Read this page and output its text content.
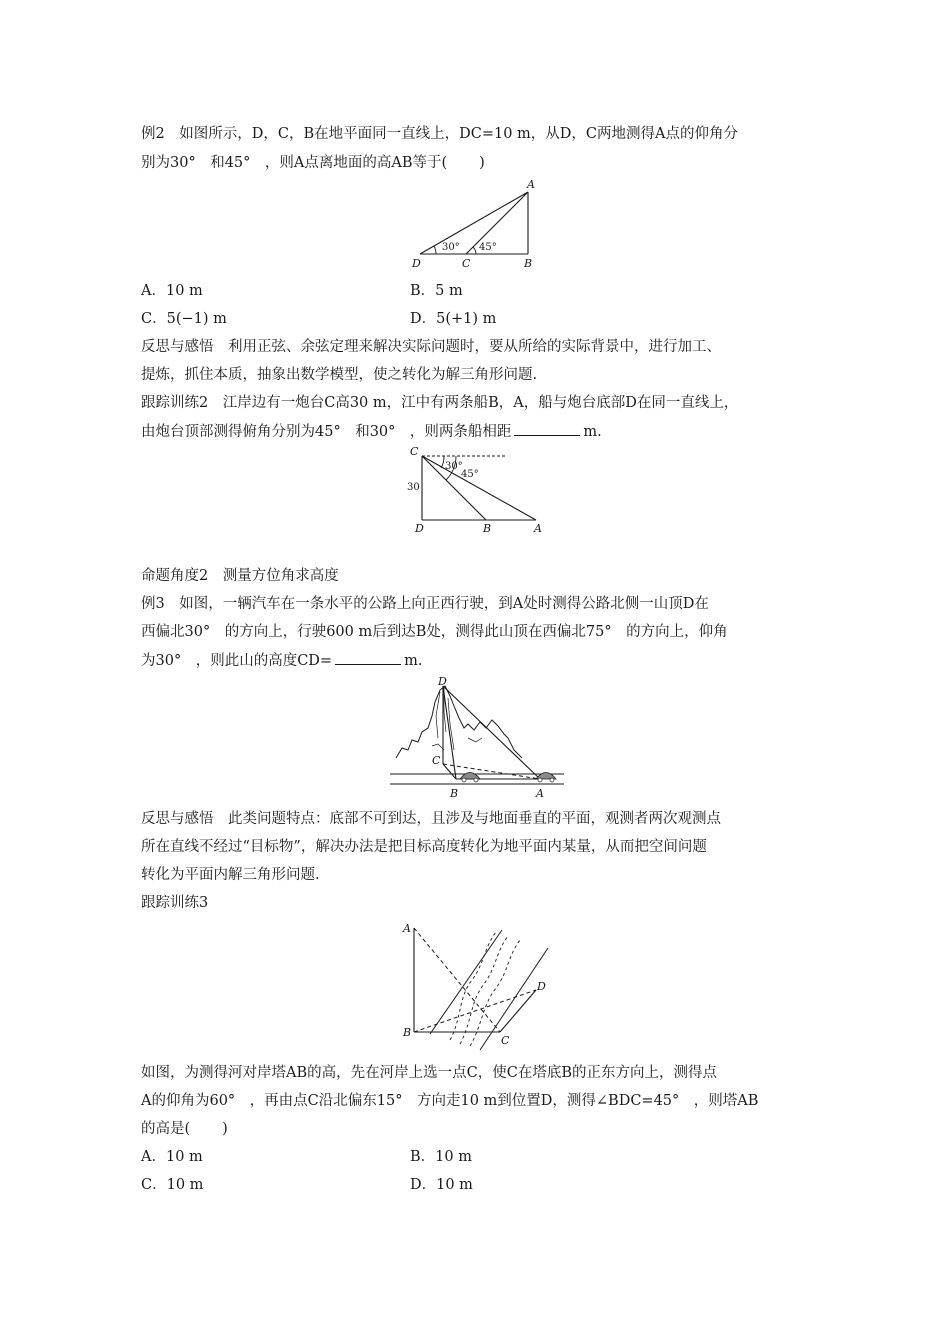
例2　如图所示，D，C，B在地平面同一直线上，DC=10 m，从D，C两地测得A点的仰角分
别为30°　和45°　，则A点离地面的高AB等于( )
A
B
C
D
30° 45°
A．10 m	B．5 m
C．5(−1) m	D．5(+1) m
反思与感悟　利用正弦、余弦定理来解决实际问题时，要从所给的实际背景中，进行加工、
提炼，抓住本质，抽象出数学模型，使之转化为解三角形问题.
跟踪训练2　江岸边有一炮台C高30 m，江中有两条船B，A，船与炮台底部D在同一直线上，
由炮台顶部测得俯角分别为45°　和30°　，则两条船相距	m.
C
30
30°
45°
D	B	A
命题角度2　测量方位角求高度
例3　如图，一辆汽车在一条水平的公路上向正西行驶，到A处时测得公路北侧一山顶D在
西偏北30°　的方向上，行驶600 m后到达B处，测得此山顶在西偏北75°　的方向上，仰角
为30°　，则此山的高度CD=	m.
D
C
B	A
反思与感悟　此类问题特点：底部不可到达，且涉及与地面垂直的平面，观测者两次观测点
所在直线不经过“目标物”，解决办法是把目标高度转化为地平面内某量，从而把空间问题
转化为平面内解三角形问题.
跟踪训练3
A
B
C
D
如图，为测得河对岸塔AB的高，先在河岸上选一点C，使C在塔底B的正东方向上，测得点
A的仰角为60°　，再由点C沿北偏东15°　方向走10 m到位置D，测得∠BDC=45°　，则塔AB
的高是( )
A．10 m	B．10 m
C．10 m	D．10 m
